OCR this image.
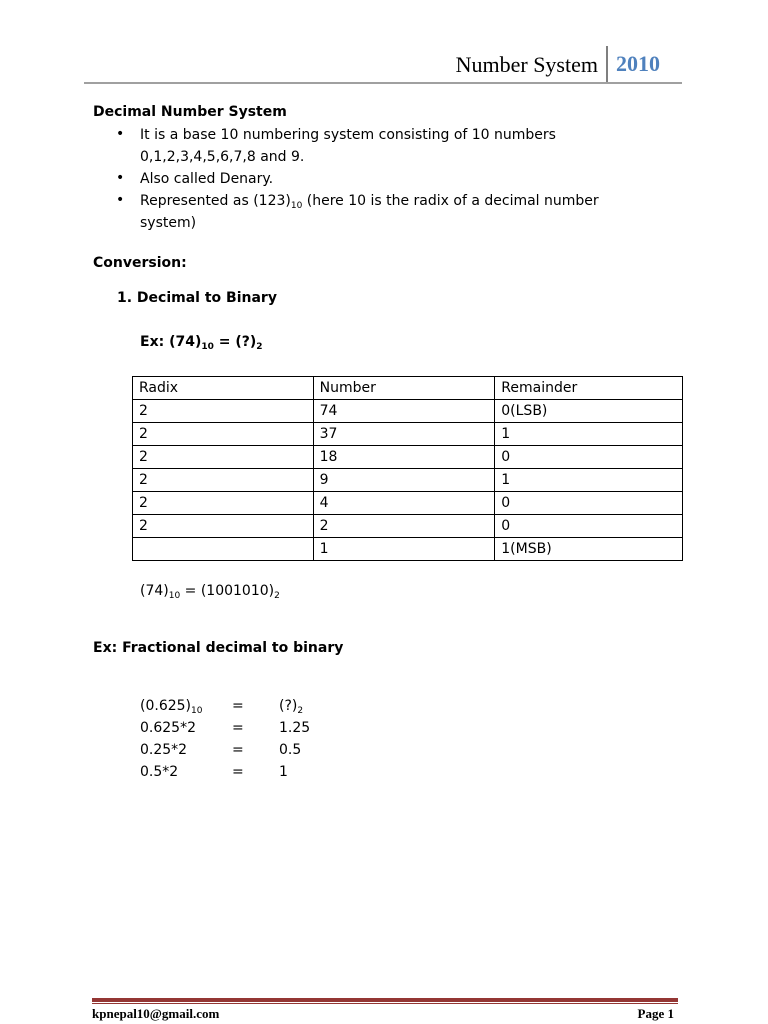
Number System 2010
Decimal Number System
• It is a base 10 numbering system consisting of 10 numbers
0,1,2,3,4,5,6,7,8 and 9.
• Also called Denary.
• Represented as $(123)_{10}$ (here 10 is the radix of a decimal number
system)
Conversion:
1. Decimal to Binary
Ex: $(74)_{10}$ = $(?)_2$
Radix	Number	Remainder
2	74	0(LSB)
2	37	1
2	18	0
2	9	1
2	4	0
2	2	0
	1	1(MSB)
$(74)_{10} = (1001010)_2$
Ex: Fractional decimal to binary
$(0.625)_{10}$ =	$(?)_2$
0.625*2	=	1.25
0.25*2	=	0.5
0.5*2	=	1
kpnepal10@gmail.com	Page 1
